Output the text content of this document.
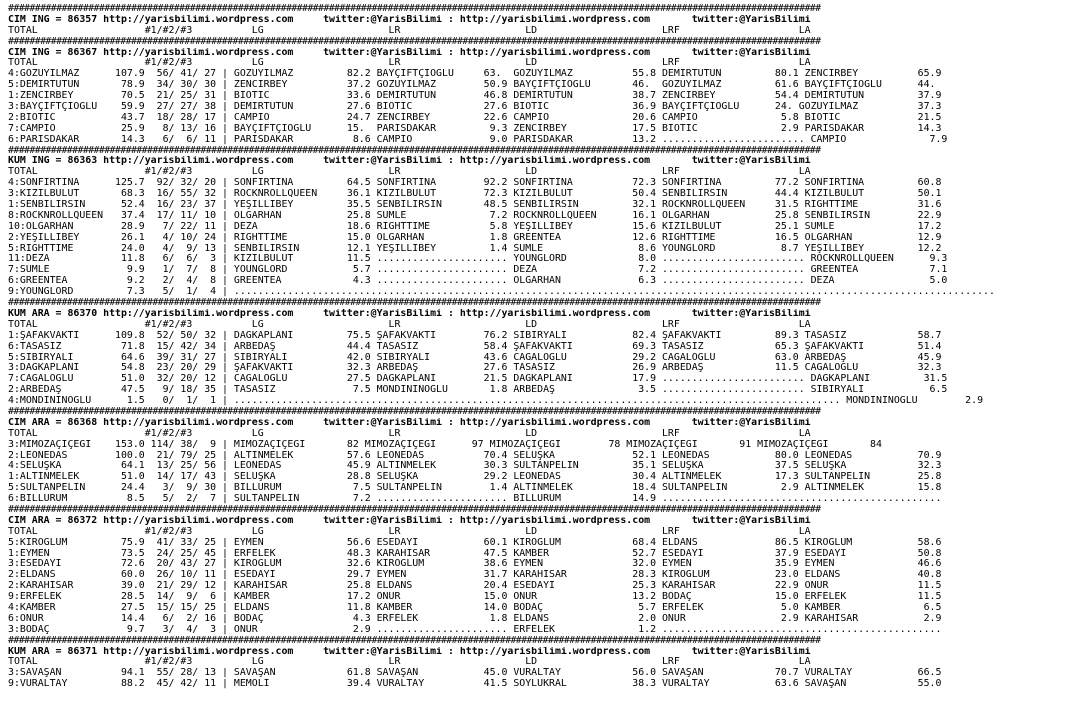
########################################################################################################################################################
CIM ING = 86357 http://yarisbilimi.wordpress.com     twitter:@YarisBilimi : http://yarisbilimi.wordpress.com       twitter:@YarisBilimi
TOTAL                  #1/#2/#3          LG                     LR                     LD                     LRF                    LA
########################################################################################################################################################
CIM ING = 86367 http://yarisbilimi.wordpress.com     twitter:@YarisBilimi : http://yarisbilimi.wordpress.com       twitter:@YarisBilimi
TOTAL                  #1/#2/#3          LG                     LR                     LD                     LRF                    LA
4:GÖZÜYILMAZ      107.9  56/ 41/ 27 | GÖZÜYILMAZ         82.2 BAYÇİFTÇİOĞLU     63.  GÖZÜYILMAZ          55.8 DEMİRTÜTÜN         80.1 ZENCİRBEY          65.9
5:DEMİRTÜTÜN       78.9  34/ 30/ 30 | ZENCİRBEY          37.2 GÖZÜYILMAZ        50.9 BAYÇİFTÇİOĞLU       46.  GÖZÜYILMAZ         61.6 BAYÇİFTÇİOĞLU      44.
1:ZENCİRBEY        70.5  21/ 25/ 31 | BİOTİC             33.6 DEMİRTÜTÜN        46.8 DEMİRTÜTÜN          38.7 ZENCİRBEY          54.4 DEMİRTÜTÜN         37.9
3:BAYÇİFTÇİOĞLU    59.9  27/ 27/ 38 | DEMİRTÜTÜN         27.6 BİOTİC            27.6 BİOTİC              36.9 BAYÇİFTÇİOĞLU      24. GÖZÜYILMAZ          37.3
2:BİOTİC           43.7  18/ 28/ 17 | CAMPİO             24.7 ZENCİRBEY         22.6 CAMPİO              20.6 CAMPİO              5.8 BİOTİC             21.5
7:CAMPİO           25.9   8/ 13/ 16 | BAYÇİFTÇİOĞLU      15.  PARİSDAKAR         9.3 ZENCİRBEY           17.5 BİOTİC              2.9 PARİSDAKAR         14.3
6:PARİSDAKAR       14.3   6/  6/ 11 | PARİSDAKAR          8.6 CAMPİO             9.0 PARİSDAKAR          13.2 ........................ CAMPİO              7.9
########################################################################################################################################################
KUM ING = 86363 http://yarisbilimi.wordpress.com     twitter:@YarisBilimi : http://yarisbilimi.wordpress.com       twitter:@YarisBilimi
TOTAL                  #1/#2/#3          LG                     LR                     LD                     LRF                    LA
4:SONFIRTINA      125.7  92/ 32/ 20 | SONFIRTINA         64.5 SONFIRTINA        92.2 SONFIRTINA          72.3 SONFIRTINA         77.2 SONFIRTINA         60.8
3:KIZILBULUT       68.3  16/ 55/ 32 | ROCKNROLLQUEEN     36.1 KIZILBULUT        72.3 KIZILBULUT          50.4 SENBİLİRSİN        44.4 KIZILBULUT         50.1
1:SENBİLİRSİN      52.4  16/ 23/ 37 | YEŞİLLİBEY         35.5 SENBİLİRSİN       48.5 SENBİLİRSİN         32.1 ROCKNROLLQUEEN     31.5 RIGHTTIME          31.6
8:ROCKNROLLQUEEN   37.4  17/ 11/ 10 | OLGARHAN           25.8 SUMLE              7.2 ROCKNROLLQUEEN      16.1 OLGARHAN           25.8 SENBİLİRSİN        22.9
10:OLGARHAN        28.9   7/ 22/ 11 | DEZA               18.6 RIGHTTIME          5.8 YEŞİLLİBEY          15.6 KIZILBULUT         25.1 SUMLE              17.2
2:YEŞİLLİBEY       26.1   4/ 10/ 24 | RIGHTTIME          15.0 OLGARHAN           1.8 GREENTEA            12.6 RIGHTTIME          16.5 OLGARHAN           12.9
5:RIGHTTIME        24.0   4/  9/ 13 | SENBİLİRSİN        12.1 YEŞİLLİBEY         1.4 SUMLE                8.6 YOUNGLORD           8.7 YEŞİLLİBEY         12.2
11:DEZA            11.8   6/  6/  3 | KIZILBULUT         11.5 ...................... YOUNGLORD            8.0 ........................ ROCKNROLLQUEEN      9.3
7:SUMLE             9.9   1/  7/  8 | YOUNGLORD           5.7 ...................... DEZA                 7.2 ........................ GREENTEA            7.1
6:GREENTEA          9.2   2/  4/  8 | GREENTEA            4.3 ...................... OLGARHAN             6.3 ........................ DEZA                5.0
9:YOUNGLORD         7.3   5/  1/  4 | ................................................................................................................................
########################################################################################################################################################
KUM ARA = 86370 http://yarisbilimi.wordpress.com     twitter:@YarisBilimi : http://yarisbilimi.wordpress.com       twitter:@YarisBilimi
TOTAL                  #1/#2/#3          LG                     LR                     LD                     LRF                    LA
1:ŞAFAKVAKTİ      109.8  52/ 50/ 32 | DAĞKAPLANI         75.5 ŞAFAKVAKTİ        76.2 SİBİRYALI           82.4 ŞAFAKVAKTİ         89.3 TASASIZ            58.7
6:TASASIZ          71.8  15/ 42/ 34 | ARBEDAŞ            44.4 TASASIZ           58.4 ŞAFAKVAKTİ          69.3 TASASIZ            65.3 ŞAFAKVAKTİ         51.4
5:SİBİRYALI        64.6  39/ 31/ 27 | SİBİRYALI          42.0 SİBİRYALI         43.6 CAĞALOĞLU           29.2 CAĞALOĞLU          63.0 ARBEDAŞ            45.9
3:DAĞKAPLANI       54.8  23/ 20/ 29 | ŞAFAKVAKTİ         32.3 ARBEDAŞ           27.6 TASASIZ             26.9 ARBEDAŞ            11.5 CAĞALOĞLU          32.3
7:CAĞALOĞLU        51.0  32/ 20/ 12 | CAĞALOĞLU          27.5 DAĞKAPLANI        21.5 DAĞKAPLANI          17.9 ........................ DAĞKAPLANI         31.5
2:ARBEDAŞ          47.5   9/ 18/ 35 | TASASIZ             7.5 MONDİNİNOĞLU       1.8 ARBEDAŞ              3.5 ........................ SİBİRYALI           6.5
4:MONDİNİNOĞLU      1.5   0/  1/  1 | ...................................................................................................... MONDİNİNOĞLU        2.9
########################################################################################################################################################
CIM ARA = 86368 http://yarisbilimi.wordpress.com     twitter:@YarisBilimi : http://yarisbilimi.wordpress.com       twitter:@YarisBilimi
TOTAL                  #1/#2/#3          LG                     LR                     LD                     LRF                    LA
3:MİMOZAÇİÇEĞİ    153.0 114/ 38/  9 | MİMOZAÇİÇEĞİ       82 MİMOZAÇİÇEĞİ      97 MİMOZAÇİÇEĞİ        78 MİMOZAÇİÇEĞİ       91 MİMOZAÇİÇEĞİ       84
2:LEONEDAS        100.0  21/ 79/ 25 | ALTINMELEK         57.6 LEONEDAS          70.4 SELUŞKA             52.1 LEONEDAS           80.0 LEONEDAS           70.9
4:SELUŞKA          64.1  13/ 25/ 56 | LEONEDAS           45.9 ALTINMELEK        30.3 SULTANPELİN         35.1 SELUŞKA            37.5 SELUŞKA            32.3
1:ALTINMELEK       51.0  14/ 17/ 43 | SELUŞKA            28.8 SELUŞKA           29.2 LEONEDAS            30.4 ALTINMELEK         17.3 SULTANPELİN        25.8
5:SULTANPELİN      24.4   3/  9/ 30 | BİLLURUM            7.5 SULTANPELİN        1.4 ALTINMELEK          18.4 SULTANPELİN         2.9 ALTINMELEK         15.8
6:BİLLURUM          8.5   5/  2/  7 | SULTANPELİN         7.2 ...................... BİLLURUM            14.9 ...............................................
########################################################################################################################################################
CIM ARA = 86372 http://yarisbilimi.wordpress.com     twitter:@YarisBilimi : http://yarisbilimi.wordpress.com       twitter:@YarisBilimi
TOTAL                  #1/#2/#3          LG                     LR                     LD                     LRF                    LA
5:KIROĞLUM         75.9  41/ 33/ 25 | EYMEN              56.6 ESEDAYI           60.1 KIROĞLUM            68.4 ELDANS             86.5 KIROĞLUM           58.6
1:EYMEN            73.5  24/ 25/ 45 | ERFELEK            48.3 KARAHİSAR         47.5 KAMBER              52.7 ESEDAYI            37.9 ESEDAYI            50.8
3:ESEDAYI          72.6  20/ 43/ 27 | KIROĞLUM           32.6 KIROĞLUM          38.6 EYMEN               32.0 EYMEN              35.9 EYMEN              46.6
2:ELDANS           60.0  26/ 10/ 11 | ESEDAYI            29.7 EYMEN             31.7 KARAHİSAR           28.3 KIROĞLUM           23.0 ELDANS             40.8
2:KARAHİSAR        39.0  21/ 29/ 12 | KARAHİSAR          25.8 ELDANS            20.4 ESEDAYI             25.3 KARAHİSAR          22.9 ONUR               11.5
9:ERFELEK          28.5  14/  9/  6 | KAMBER             17.2 ONUR              15.0 ONUR                13.2 BODAÇ              15.0 ERFELEK            11.5
4:KAMBER           27.5  15/ 15/ 25 | ELDANS             11.8 KAMBER            14.0 BODAÇ                5.7 ERFELEK             5.0 KAMBER              6.5
6:ONUR             14.4   6/  2/ 16 | BODAÇ               4.3 ERFELEK            1.8 ELDANS               2.0 ONUR                2.9 KARAHİSAR           2.9
3:BODAÇ             9.7   3/  4/  3 | ONUR                2.9 ...................... ERFELEK              1.2 ...............................................
########################################################################################################################################################
KUM ARA = 86371 http://yarisbilimi.wordpress.com     twitter:@YarisBilimi : http://yarisbilimi.wordpress.com       twitter:@YarisBilimi
TOTAL                  #1/#2/#3          LG                     LR                     LD                     LRF                    LA
3:SAVAŞAN          94.1  55/ 28/ 13 | SAVAŞAN            61.8 SAVAŞAN           45.0 VURALTAY            56.0 SAVAŞAN            70.7 VURALTAY           66.5
9:VURALTAY         88.2  45/ 42/ 11 | MEMOLİ             39.4 VURALTAY          41.5 SOYLUKRAL           38.3 VURALTAY           63.6 SAVAŞAN            55.0
